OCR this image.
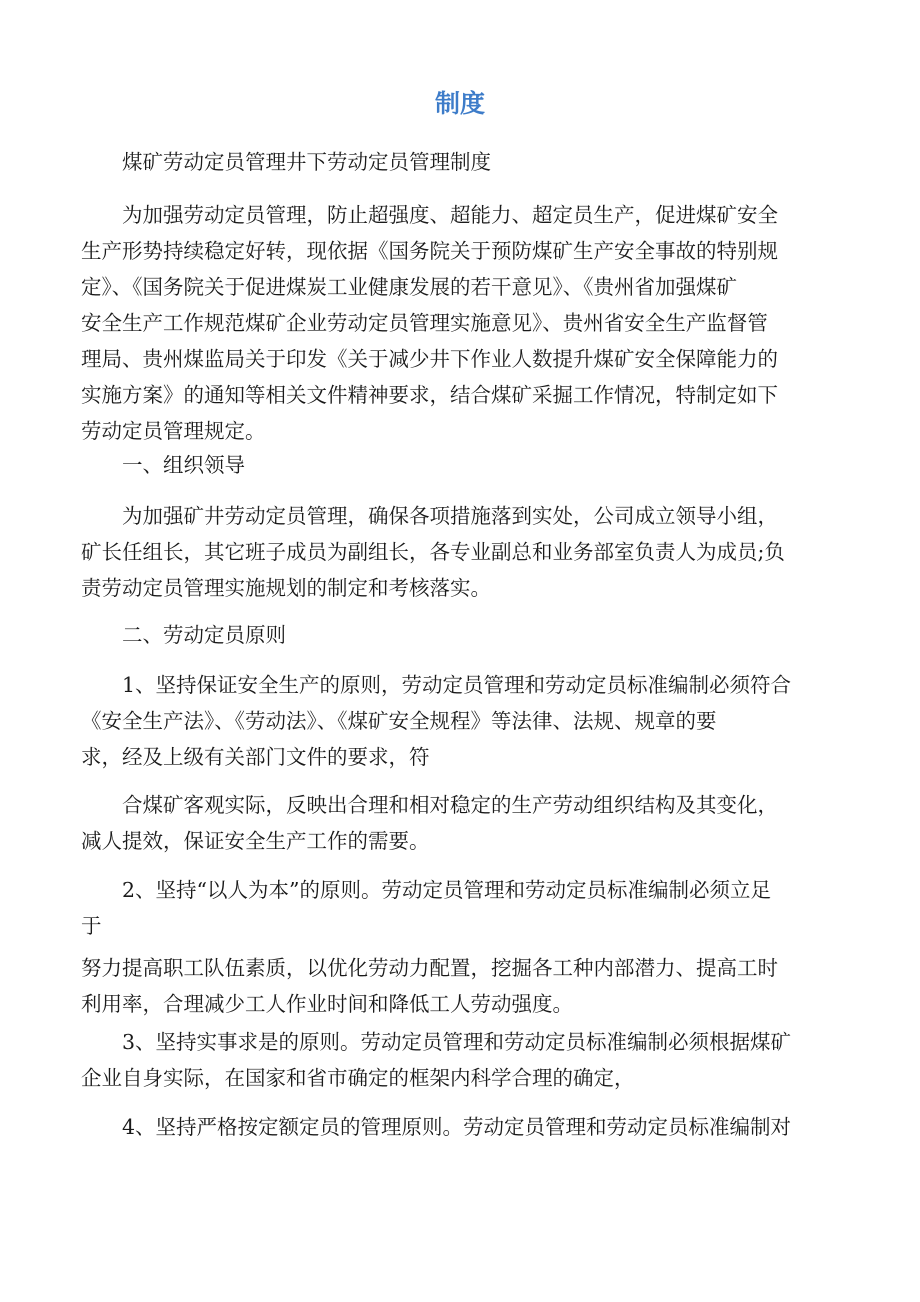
制度

煤矿劳动定员管理井下劳动定员管理制度

为加强劳动定员管理，防止超强度、超能力、超定员生产，促进煤矿安全
生产形势持续稳定好转，现依据《国务院关于预防煤矿生产安全事故的特别规
定》、《国务院关于促进煤炭工业健康发展的若干意见》、《贵州省加强煤矿
安全生产工作规范煤矿企业劳动定员管理实施意见》、贵州省安全生产监督管
理局、贵州煤监局关于印发《关于减少井下作业人数提升煤矿安全保障能力的
实施方案》的通知等相关文件精神要求，结合煤矿采掘工作情况，特制定如下
劳动定员管理规定。

一、组织领导

为加强矿井劳动定员管理，确保各项措施落到实处，公司成立领导小组，
矿长任组长，其它班子成员为副组长，各专业副总和业务部室负责人为成员;负
责劳动定员管理实施规划的制定和考核落实。

二、劳动定员原则

1、坚持保证安全生产的原则，劳动定员管理和劳动定员标准编制必须符合
《安全生产法》、《劳动法》、《煤矿安全规程》等法律、法规、规章的要
求，经及上级有关部门文件的要求，符

合煤矿客观实际，反映出合理和相对稳定的生产劳动组织结构及其变化，
减人提效，保证安全生产工作的需要。

2、坚持“以人为本”的原则。劳动定员管理和劳动定员标准编制必须立足
于
努力提高职工队伍素质，以优化劳动力配置，挖掘各工种内部潜力、提高工时
利用率，合理减少工人作业时间和降低工人劳动强度。

3、坚持实事求是的原则。劳动定员管理和劳动定员标准编制必须根据煤矿
企业自身实际，在国家和省市确定的框架内科学合理的确定，

4、坚持严格按定额定员的管理原则。劳动定员管理和劳动定员标准编制对
